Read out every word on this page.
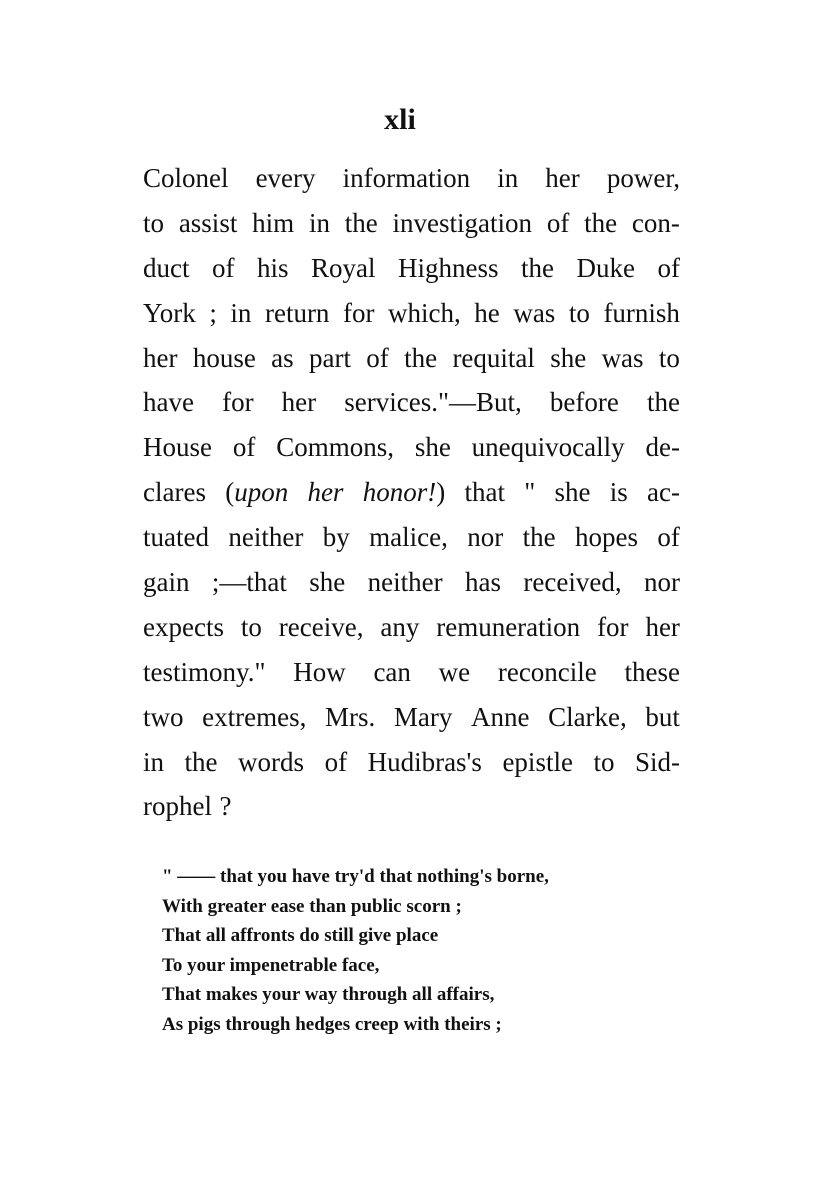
xli
Colonel every information in her power,
to assist him in the investigation of the con-
duct of his Royal Highness the Duke of
York ; in return for which, he was to furnish
her house as part of the requital she was to
have for her services."—But, before the
House of Commons, she unequivocally de-
clares (upon her honor!) that " she is ac-
tuated neither by malice, nor the hopes of
gain ;—that she neither has received, nor
expects to receive, any remuneration for her
testimony." How can we reconcile these
two extremes, Mrs. Mary Anne Clarke, but
in the words of Hudibras's epistle to Sid-
rophel ?
" —— that you have try'd that nothing's borne,
With greater ease than public scorn ;
That all affronts do still give place
To your impenetrable face,
That makes your way through all affairs,
As pigs through hedges creep with theirs ;
